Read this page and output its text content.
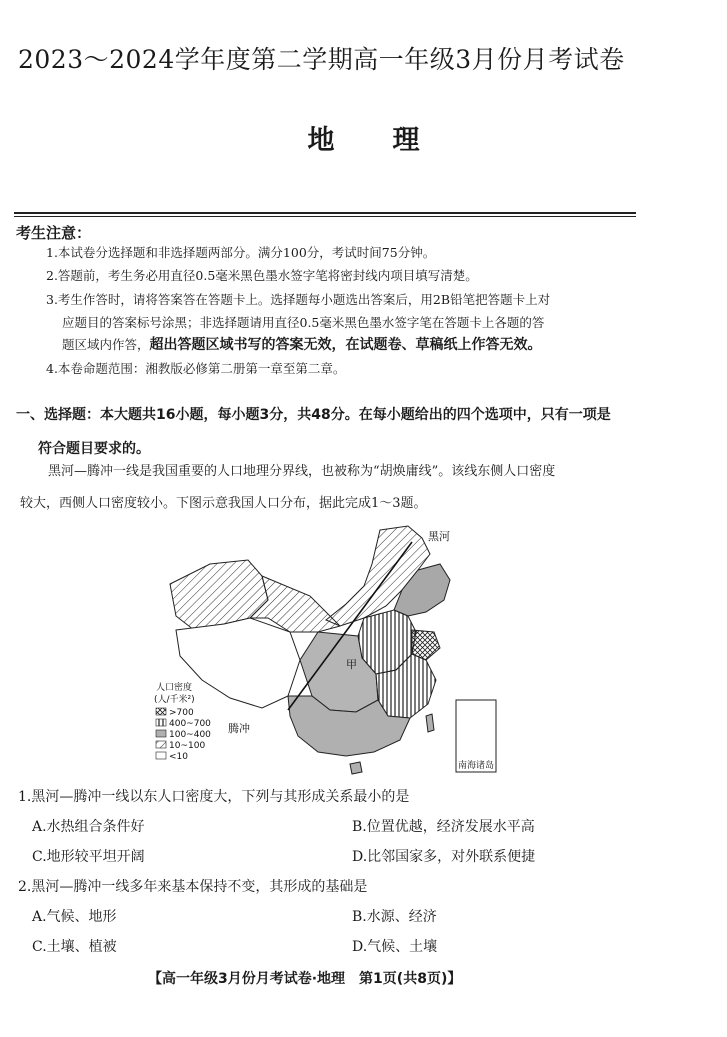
2023～2024学年度第二学期高一年级3月份月考试卷
地理
考生注意：
1.本试卷分选择题和非选择题两部分。满分100分，考试时间75分钟。
2.答题前，考生务必用直径0.5毫米黑色墨水签字笔将密封线内项目填写清楚。
3.考生作答时，请将答案答在答题卡上。选择题每小题选出答案后，用2B铅笔把答题卡上对
应题目的答案标号涂黑；非选择题请用直径0.5毫米黑色墨水签字笔在答题卡上各题的答
题区域内作答，超出答题区域书写的答案无效，在试题卷、草稿纸上作答无效。
4.本卷命题范围：湘教版必修第二册第一章至第二章。
一、选择题：本大题共16小题，每小题3分，共48分。在每小题给出的四个选项中，只有一项是
符合题目要求的。
黑河—腾冲一线是我国重要的人口地理分界线，也被称为“胡焕庸线”。该线东侧人口密度
较大，西侧人口密度较小。下图示意我国人口分布，据此完成1～3题。
黑河
腾冲
甲
南海诸岛
人口密度
(人/千米²)
>700
400~700
100~400
10~100
<10
1.黑河—腾冲一线以东人口密度大，下列与其形成关系最小的是
A.水热组合条件好	B.位置优越，经济发展水平高
C.地形较平坦开阔	D.比邻国家多，对外联系便捷
2.黑河—腾冲一线多年来基本保持不变，其形成的基础是
A.气候、地形	B.水源、经济
C.土壤、植被	D.气候、土壤
【高一年级3月份月考试卷·地理　第1页(共8页)】
